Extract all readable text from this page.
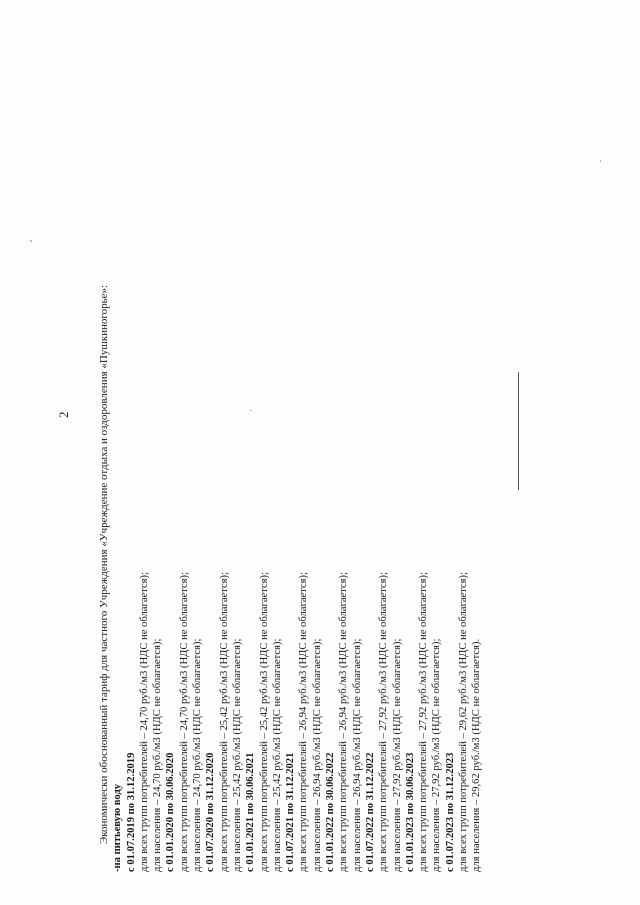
2 Экономически обоснованный тариф для частного Учреждения «Учреждение отдыха и оздоровления «Пушкиногорье»: -на питьевую воду с 01.07.2019 по 31.12.2019 для всех групп потребителей – 24,70 руб./м3 (НДС не облагается); для населения – 24,70 руб./м3 (НДС не облагается); с 01.01.2020 по 30.06.2020 для всех групп потребителей – 24,70 руб./м3 (НДС не облагается); для населения – 24,70 руб./м3 (НДС не облагается); с 01.07.2020 по 31.12.2020 для всех групп потребителей – 25,42 руб./м3 (НДС не облагается); для населения – 25,42 руб./м3 (НДС не облагается); с 01.01.2021 по 30.06.2021 для всех групп потребителей – 25,42 руб./м3 (НДС не облагается); для населения – 25,42 руб./м3 (НДС не облагается); с 01.07.2021 по 31.12.2021 для всех групп потребителей – 26,94 руб./м3 (НДС не облагается); для населения – 26,94 руб./м3 (НДС не облагается); с 01.01.2022 по 30.06.2022 для всех групп потребителей – 26,94 руб./м3 (НДС не облагается); для населения – 26,94 руб./м3 (НДС не облагается); с 01.07.2022 по 31.12.2022 для всех групп потребителей – 27,92 руб./м3 (НДС не облагается); для населения – 27,92 руб./м3 (НДС не облагается); с 01.01.2023 по 30.06.2023 для всех групп потребителей – 27,92 руб./м3 (НДС не облагается); для населения – 27,92 руб./м3 (НДС не облагается); с 01.07.2023 по 31.12.2023 для всех групп потребителей – 29,62 руб./м3 (НДС не облагается); для населения – 29,62 руб./м3 (НДС не облагается).
